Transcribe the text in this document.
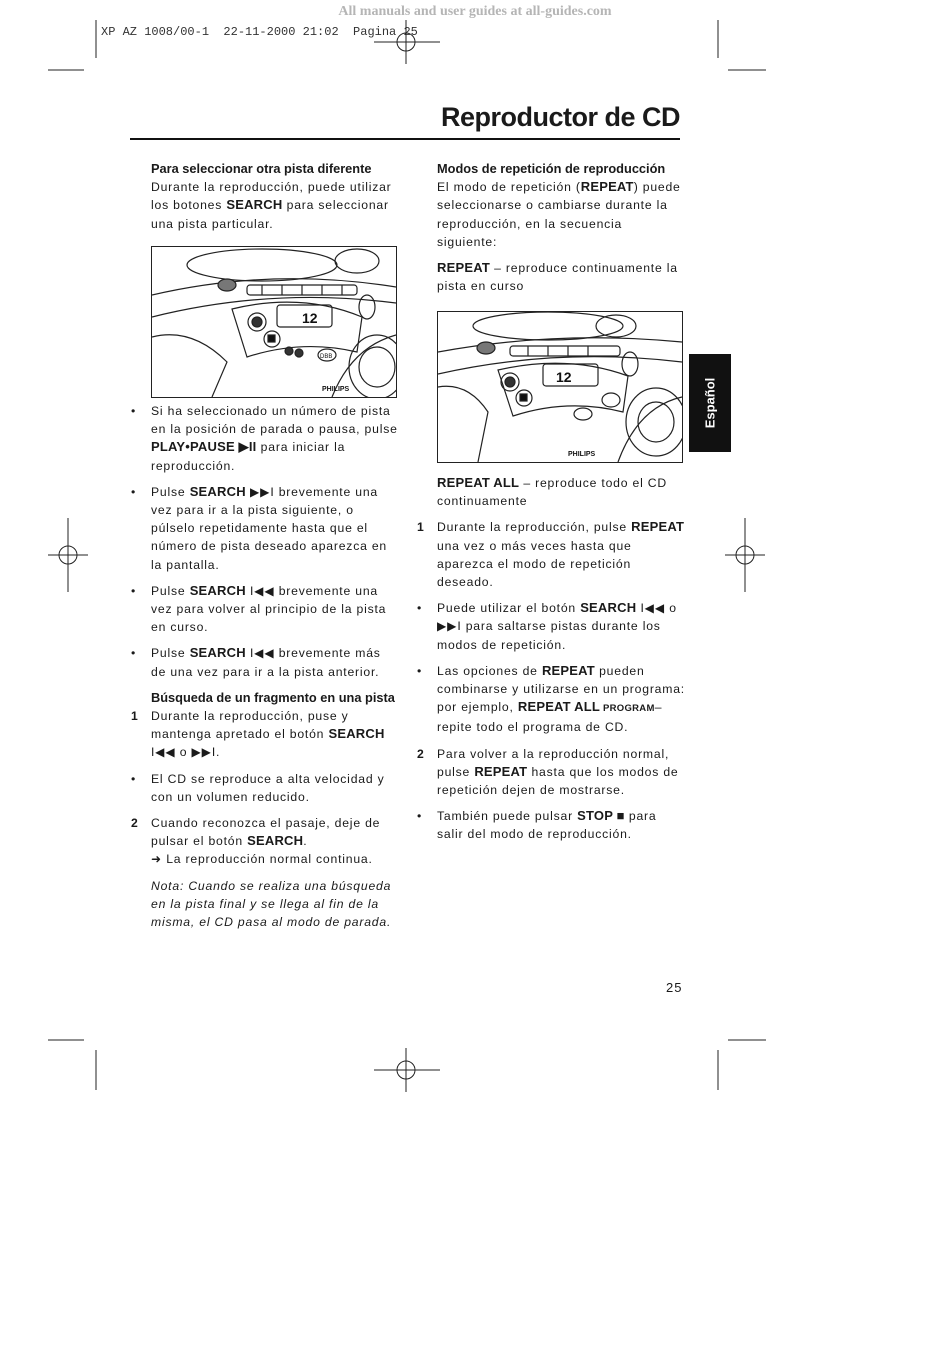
All manuals and user guides at all-guides.com
XP AZ 1008/00-1  22-11-2000 21:02  Pagina 25
Reproductor de CD
Español

Para seleccionar otra pista diferente

Durante la reproducción, puede utilizar los botones SEARCH para seleccionar una pista particular.

12
DBB
PHILIPS
• Si ha seleccionado un número de pista en la posición de parada o pausa, pulse PLAY•PAUSE ▶II para iniciar la reproducción.
• Pulse SEARCH ▶▶I brevemente una vez para ir a la pista siguiente, o púlselo repetidamente hasta que el número de pista deseado aparezca en la pantalla.
• Pulse SEARCH I◀◀ brevemente una vez para volver al principio de la pista en curso.
• Pulse SEARCH I◀◀ brevemente más de una vez para ir a la pista anterior.

Búsqueda de un fragmento en una pista

1 Durante la reproducción, puse y mantenga apretado el botón SEARCH I◀◀ o ▶▶I.
• El CD se reproduce a alta velocidad y con un volumen reducido.
2 Cuando reconozca el pasaje, deje de pulsar el botón SEARCH.
➜ La reproducción normal continua.

Nota: Cuando se realiza una búsqueda en la pista final y se llega al fin de la misma, el CD pasa al modo de parada.

Modos de repetición de reproducción

El modo de repetición (REPEAT) puede seleccionarse o cambiarse durante la reproducción, en la secuencia siguiente:

REPEAT – reproduce continuamente la pista en curso

12
PHILIPS

REPEAT ALL – reproduce todo el CD continuamente

1 Durante la reproducción, pulse REPEAT una vez o más veces hasta que aparezca el modo de repetición deseado.
• Puede utilizar el botón SEARCH I◀◀ o ▶▶I para saltarse pistas durante los modos de repetición.
• Las opciones de REPEAT pueden combinarse y utilizarse en un programa: por ejemplo, REPEAT ALL PROGRAM– repite todo el programa de CD.
2 Para volver a la reproducción normal, pulse REPEAT hasta que los modos de repetición dejen de mostrarse.
• También puede pulsar STOP ■ para salir del modo de reproducción.
25
